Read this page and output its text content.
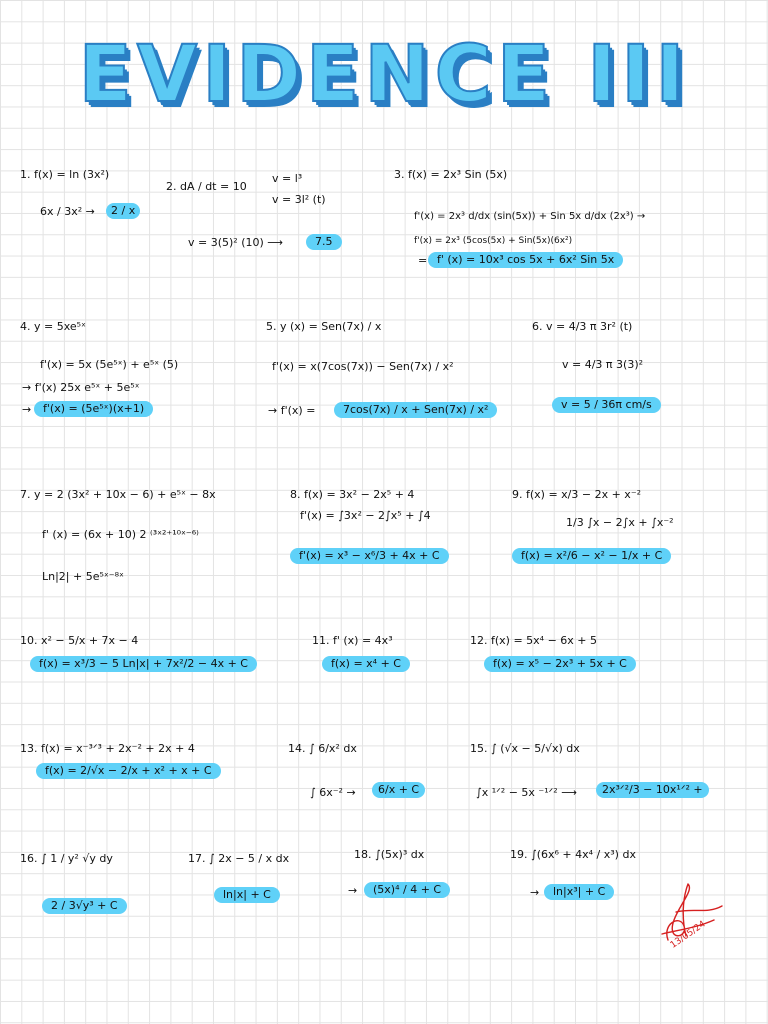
EVIDENCE III
1. f(x) = ln (3x²)
6x / 3x² →	2 / x
2. dA / dt = 10
v = l³
v = 3l² (t)
v = 3(5)² (10) ⟶	7.5
3. f(x) = 2x³ Sin (5x)
f'(x) = 2x³ d/dx (sin(5x)) + Sin 5x d/dx (2x³) →
f'(x) = 2x³ (5cos(5x) + Sin(5x)(6x²)
= f' (x) = 10x³ cos 5x + 6x² Sin 5x
4. y = 5xe⁵ˣ
f'(x) = 5x (5e⁵ˣ) + e⁵ˣ (5)
→ f'(x) 25x e⁵ˣ + 5e⁵ˣ
→	f'(x) = (5e⁵ˣ)(x+1)
5. y (x) = Sen(7x) / x
f'(x) = x(7cos(7x)) − Sen(7x) / x²
→ f'(x) =	7cos(7x) / x + Sen(7x) / x²
6. v = 4/3 π 3r² (t)
v = 4/3 π 3(3)²
v = 5 / 36π cm/s
7. y = 2 (3x² + 10x − 6) + e⁵ˣ − 8x
f' (x) = (6x + 10) 2 ⁽³ˣ²⁺¹⁰ˣ⁻⁶⁾
Ln|2| + 5e⁵ˣ⁻⁸ˣ
8. f(x) = 3x² − 2x⁵ + 4
f'(x) = ∫3x² − 2∫x⁵ + ∫4
f'(x) = x³ − x⁶/3 + 4x + C
9. f(x) = x/3 − 2x + x⁻²
1/3 ∫x − 2∫x + ∫x⁻²
f(x) = x²/6 − x² − 1/x + C
10. x² − 5/x + 7x − 4
f(x) = x³/3 − 5 Ln|x| + 7x²/2 − 4x + C
11. f' (x) = 4x³
f(x) = x⁴ + C
12. f(x) = 5x⁴ − 6x + 5
f(x) = x⁵ − 2x³ + 5x + C
13. f(x) = x⁻³ᐟ³ + 2x⁻² + 2x + 4
f(x) = 2/√x − 2/x + x² + x + C
14. ∫ 6/x² dx
∫ 6x⁻² →	6/x + C
15. ∫ (√x − 5/√x) dx
∫x ¹ᐟ² − 5x ⁻¹ᐟ² ⟶	2x³ᐟ²/3 − 10x¹ᐟ² +
16. ∫ 1 / y² √y dy
2 / 3√y³ + C
17. ∫ 2x − 5 / x dx
ln|x| + C
18. ∫(5x)³ dx
→	(5x)⁴ / 4 + C
19. ∫(6x⁶ + 4x⁴ / x³) dx
→	ln|x³| + C
13/05/24
